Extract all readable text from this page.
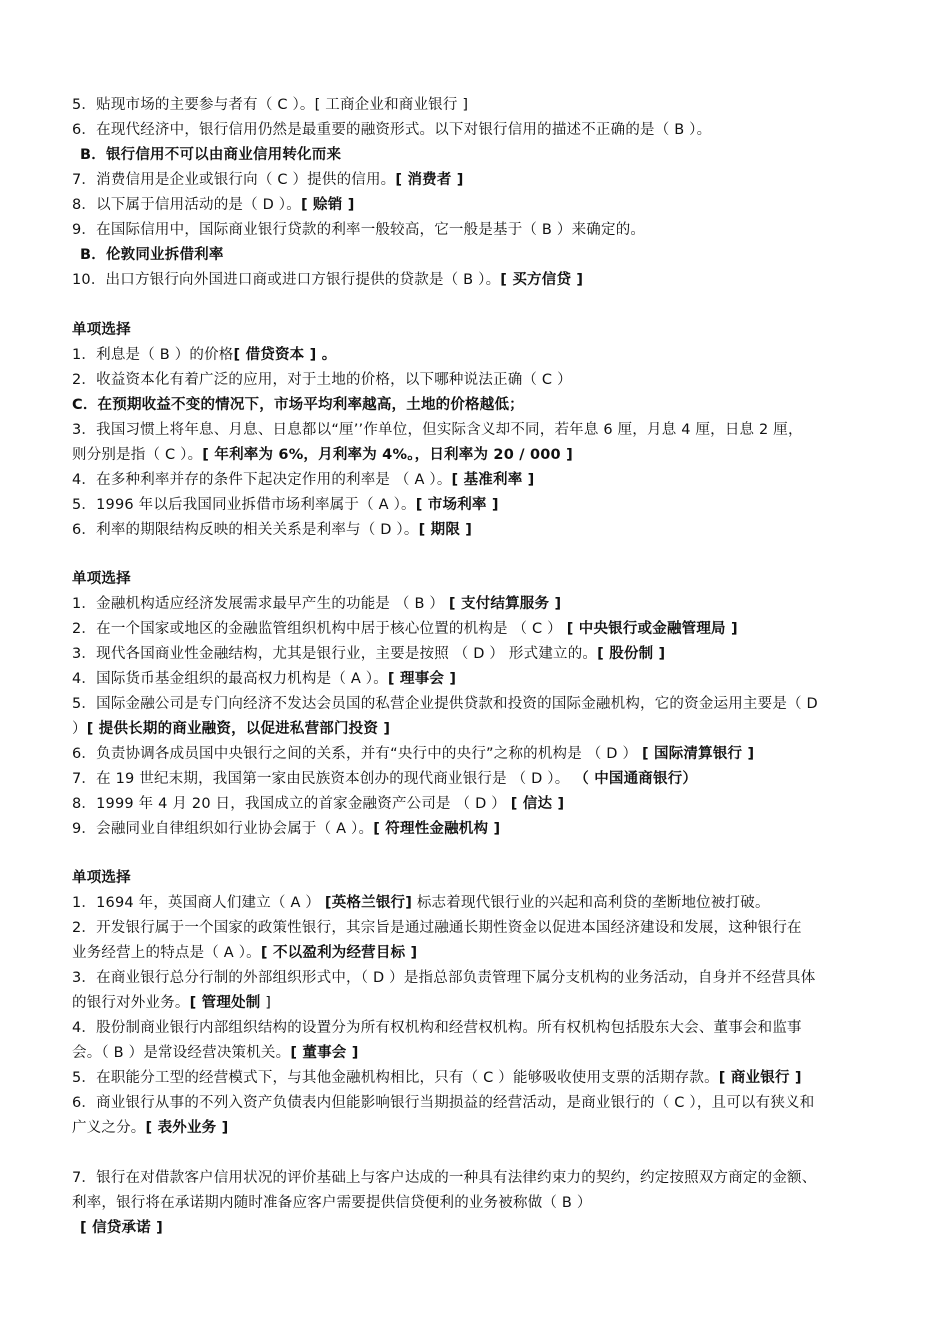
5．贴现市场的主要参与者有（ C ）。[ 工商企业和商业银行 ]
6．在现代经济中，银行信用仍然是最重要的融资形式。以下对银行信用的描述不正确的是（ B ）。
B．银行信用不可以由商业信用转化而来
7．消费信用是企业或银行向（ C ）提供的信用。[ 消费者 ]
8．以下属于信用活动的是（ D ）。[ 赊销 ]
9．在国际信用中，国际商业银行贷款的利率一般较高，它一般是基于（ B ）来确定的。
B．伦敦同业拆借利率
10．出口方银行向外国进口商或进口方银行提供的贷款是（ B ）。[ 买方信贷 ]
单项选择
1．利息是（ B ）的价格[ 借贷资本 ] 。
2．收益资本化有着广泛的应用，对于土地的价格，以下哪种说法正确（ C ）
C．在预期收益不变的情况下，市场平均利率越高，土地的价格越低；
3．我国习惯上将年息、月息、日息都以“厘’’作单位，但实际含义却不同，若年息 6 厘，月息 4 厘，日息 2 厘，
则分别是指（ C ）。[ 年利率为 6%，月利率为 4%。，日利率为 20 / 000 ]
4．在多种利率并存的条件下起决定作用的利率是 （ A ）。[ 基准利率 ]
5．1996 年以后我国同业拆借市场利率属于（ A ）。[ 市场利率 ]
6．利率的期限结构反映的相关关系是利率与（ D ）。[ 期限 ]
单项选择
1．金融机构适应经济发展需求最早产生的功能是 （ B ） [ 支付结算服务 ]
2．在一个国家或地区的金融监管组织机构中居于核心位置的机构是 （ C ） [ 中央银行或金融管理局 ]
3．现代各国商业性金融结构，尤其是银行业，主要是按照 （ D ） 形式建立的。[ 股份制 ]
4．国际货币基金组织的最高权力机构是（ A ）。[ 理事会 ]
5．国际金融公司是专门向经济不发达会员国的私营企业提供贷款和投资的国际金融机构，它的资金运用主要是（ D
）[ 提供长期的商业融资，以促进私营部门投资 ]
6．负责协调各成员国中央银行之间的关系，并有“央行中的央行”之称的机构是 （ D ） [ 国际清算银行 ]
7．在 19 世纪末期，我国第一家由民族资本创办的现代商业银行是 （ D ）。 （ 中国通商银行）
8．1999 年 4 月 20 日，我国成立的首家金融资产公司是 （ D ） [ 信达 ]
9．会融同业自律组织如行业协会属于（ A ）。[ 符理性金融机构 ]
单项选择
1．1694 年，英国商人们建立（ A ） [英格兰银行] 标志着现代银行业的兴起和高利贷的垄断地位被打破。
2．开发银行属于一个国家的政策性银行，其宗旨是通过融通长期性资金以促进本国经济建设和发展，这种银行在
业务经营上的特点是（ A ）。[ 不以盈利为经营目标 ]
3．在商业银行总分行制的外部组织形式中，（ D ）是指总部负责管理下属分支机构的业务活动，自身并不经营具体
的银行对外业务。[ 管理处制 ]
4．股份制商业银行内部组织结构的设置分为所有权机构和经营权机构。所有权机构包括股东大会、董事会和监事
会。（ B ）是常设经营决策机关。[ 董事会 ]
5．在职能分工型的经营模式下，与其他金融机构相比，只有（ C ）能够吸收使用支票的活期存款。[ 商业银行 ]
6．商业银行从事的不列入资产负债表内但能影响银行当期损益的经营活动，是商业银行的（ C ），且可以有狭义和
广义之分。[ 表外业务 ]
7．银行在对借款客户信用状况的评价基础上与客户达成的一种具有法律约束力的契约，约定按照双方商定的金额、
利率，银行将在承诺期内随时准备应客户需要提供信贷便利的业务被称做（ B ）
[ 信贷承诺 ]
